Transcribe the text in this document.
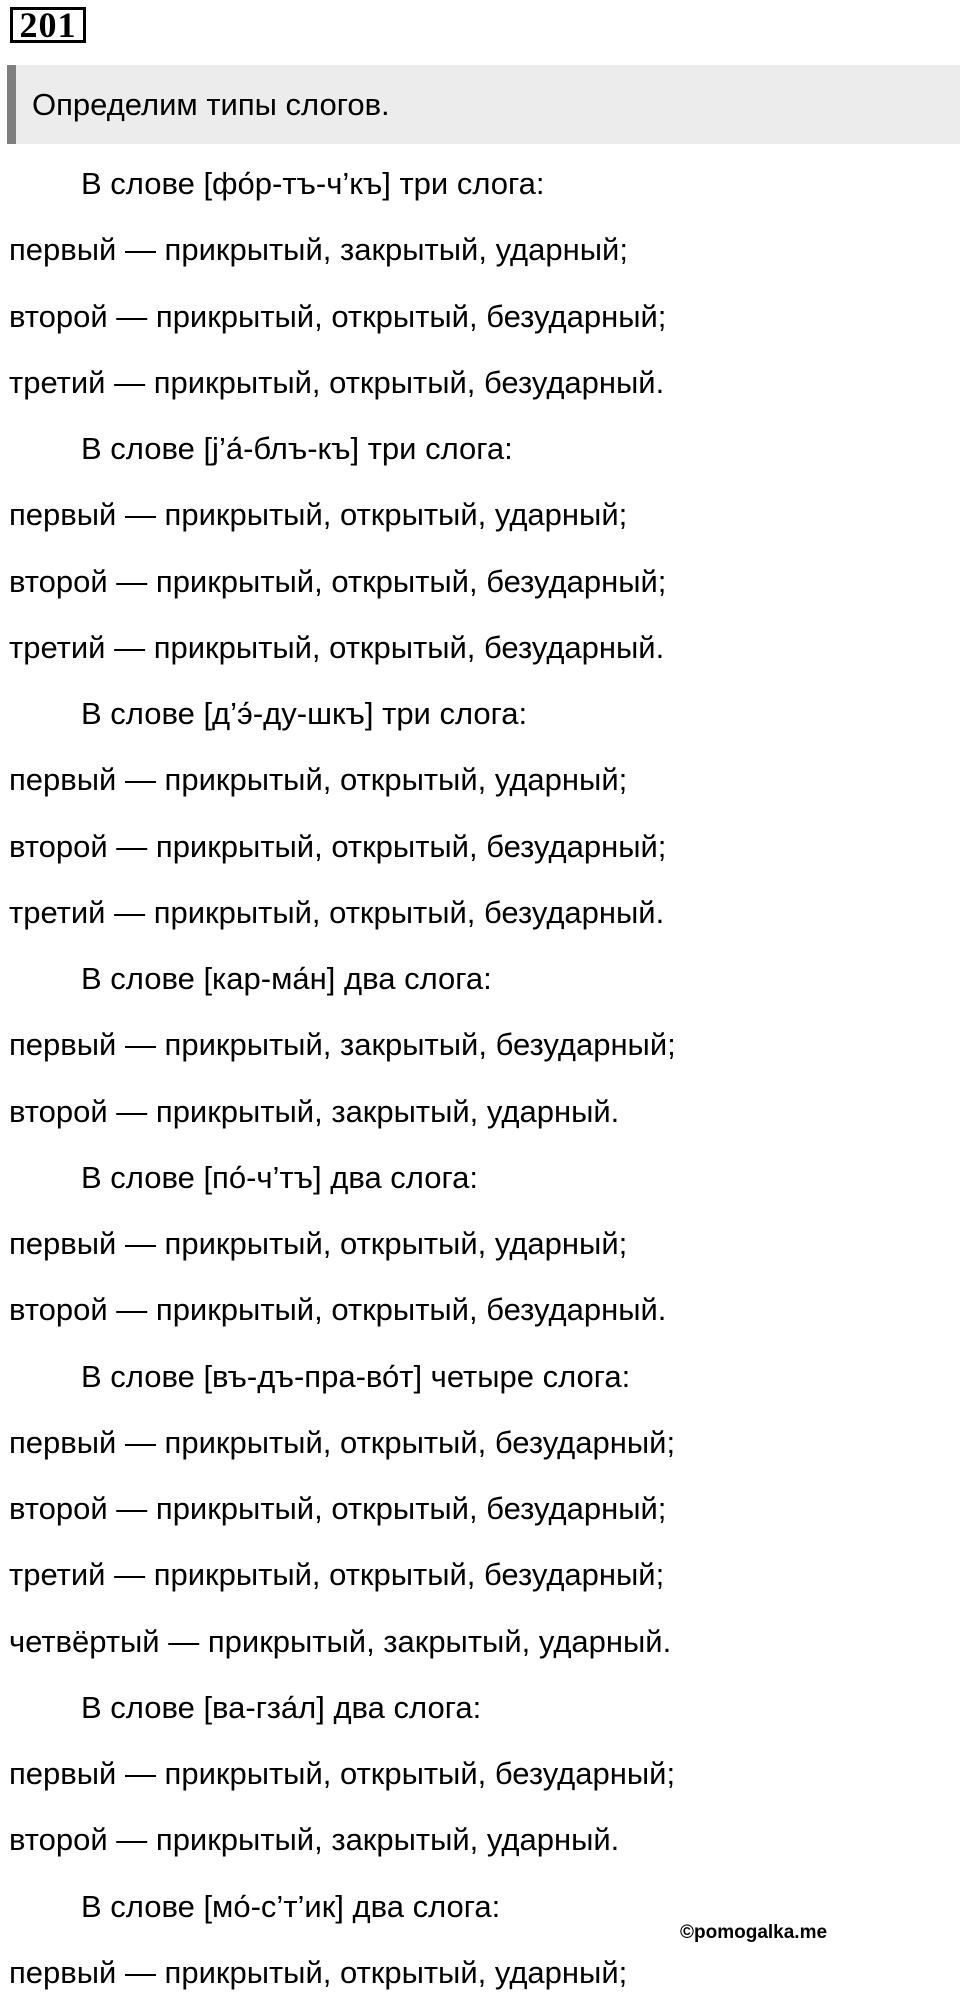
201
Определим типы слогов.
В слове [фо́р-тъ-ч’къ] три слога:
первый — прикрытый, закрытый, ударный;
второй — прикрытый, открытый, безударный;
третий — прикрытый, открытый, безударный.
В слове [j’а́-блъ-къ] три слога:
первый — прикрытый, открытый, ударный;
второй — прикрытый, открытый, безударный;
третий — прикрытый, открытый, безударный.
В слове [д’э́-ду-шкъ] три слога:
первый — прикрытый, открытый, ударный;
второй — прикрытый, открытый, безударный;
третий — прикрытый, открытый, безударный.
В слове [кар-ма́н] два слога:
первый — прикрытый, закрытый, безударный;
второй — прикрытый, закрытый, ударный.
В слове [по́-ч’тъ] два слога:
первый — прикрытый, открытый, ударный;
второй — прикрытый, открытый, безударный.
В слове [въ-дъ-пра-во́т] четыре слога:
первый — прикрытый, открытый, безударный;
второй — прикрытый, открытый, безударный;
третий — прикрытый, открытый, безударный;
четвёртый — прикрытый, закрытый, ударный.
В слове [ва-гза́л] два слога:
первый — прикрытый, открытый, безударный;
второй — прикрытый, закрытый, ударный.
В слове [мо́-с’т’ик] два слога:
первый — прикрытый, открытый, ударный;
©pomogalka.me
